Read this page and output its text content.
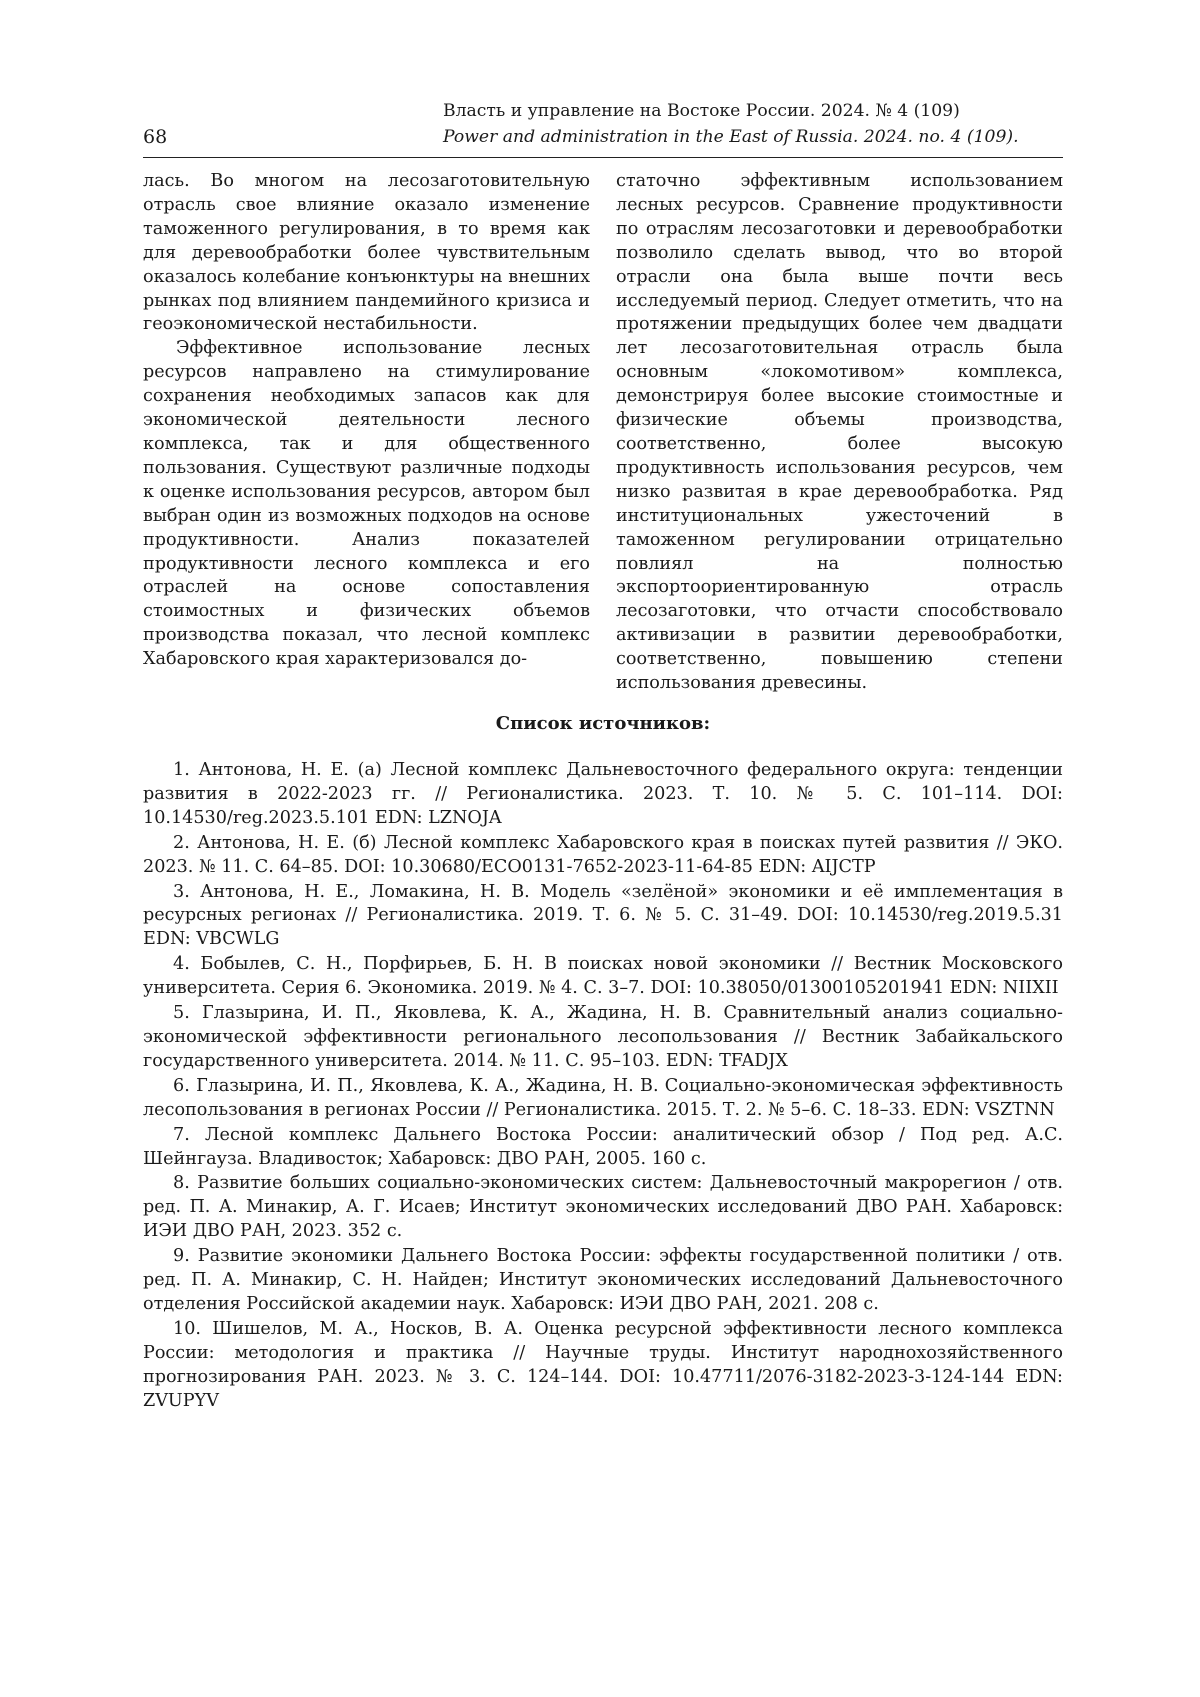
68
Власть и управление на Востоке России. 2024. № 4 (109)
Power and administration in the East of Russia. 2024. no. 4 (109).

лась. Во многом на лесозаготовительную отрасль свое влияние оказало изменение таможенного регулирования, в то время как для деревообработки более чувствительным оказалось колебание конъюнктуры на внешних рынках под влиянием пандемийного кризиса и геоэкономической нестабильности.

Эффективное использование лесных ресурсов направлено на стимулирование сохранения необходимых запасов как для экономической деятельности лесного комплекса, так и для общественного пользования. Существуют различные подходы к оценке использования ресурсов, автором был выбран один из возможных подходов на основе продуктивности. Анализ показателей продуктивности лесного комплекса и его отраслей на основе сопоставления стоимостных и физических объемов производства показал, что лесной комплекс Хабаровского края характеризовался до-

статочно эффективным использованием лесных ресурсов. Сравнение продуктивности по отраслям лесозаготовки и деревообработки позволило сделать вывод, что во второй отрасли она была выше почти весь исследуемый период. Следует отметить, что на протяжении предыдущих более чем двадцати лет лесозаготовительная отрасль была основным «локомотивом» комплекса, демонстрируя более высокие стоимостные и физические объемы производства, соответственно, более высокую продуктивность использования ресурсов, чем низко развитая в крае деревообработка. Ряд институциональных ужесточений в таможенном регулировании отрицательно повлиял на полностью экспортоориентированную отрасль лесозаготовки, что отчасти способствовало активизации в развитии деревообработки, соответственно, повышению степени использования древесины.

Список источников:

1. Антонова, Н. Е. (а) Лесной комплекс Дальневосточного федерального округа: тенденции развития в 2022-2023 гг. // Регионалистика. 2023. Т. 10. № 5. С. 101–114. DOI: 10.14530/reg.2023.5.101 EDN: LZNOJA

2. Антонова, Н. Е. (б) Лесной комплекс Хабаровского края в поисках путей развития // ЭКО. 2023. № 11. С. 64–85. DOI: 10.30680/ECO0131-7652-2023-11-64-85 EDN: AIJCTP

3. Антонова, Н. Е., Ломакина, Н. В. Модель «зелёной» экономики и её имплементация в ресурсных регионах // Регионалистика. 2019. Т. 6. № 5. С. 31–49. DOI: 10.14530/reg.2019.5.31 EDN: VBCWLG

4. Бобылев, С. Н., Порфирьев, Б. Н. В поисках новой экономики // Вестник Московского университета. Серия 6. Экономика. 2019. № 4. С. 3–7. DOI: 10.38050/01300105201941 EDN: NIIXII

5. Глазырина, И. П., Яковлева, К. А., Жадина, Н. В. Сравнительный анализ социально-экономической эффективности регионального лесопользования // Вестник Забайкальского государственного университета. 2014. № 11. С. 95–103. EDN: TFADJX

6. Глазырина, И. П., Яковлева, К. А., Жадина, Н. В. Социально-экономическая эффективность лесопользования в регионах России // Регионалистика. 2015. Т. 2. № 5–6. С. 18–33. EDN: VSZTNN

7. Лесной комплекс Дальнего Востока России: аналитический обзор / Под ред. А.С. Шейнгауза. Владивосток; Хабаровск: ДВО РАН, 2005. 160 с.

8. Развитие больших социально-экономических систем: Дальневосточный макрорегион / отв. ред. П. А. Минакир, А. Г. Исаев; Институт экономических исследований ДВО РАН. Хабаровск: ИЭИ ДВО РАН, 2023. 352 с.

9. Развитие экономики Дальнего Востока России: эффекты государственной политики / отв. ред. П. А. Минакир, С. Н. Найден; Институт экономических исследований Дальневосточного отделения Российской академии наук. Хабаровск: ИЭИ ДВО РАН, 2021. 208 с.

10. Шишелов, М. А., Носков, В. А. Оценка ресурсной эффективности лесного комплекса России: методология и практика // Научные труды. Институт народнохозяйственного прогнозирования РАН. 2023. № 3. С. 124–144. DOI: 10.47711/2076-3182-2023-3-124-144 EDN: ZVUPYV
